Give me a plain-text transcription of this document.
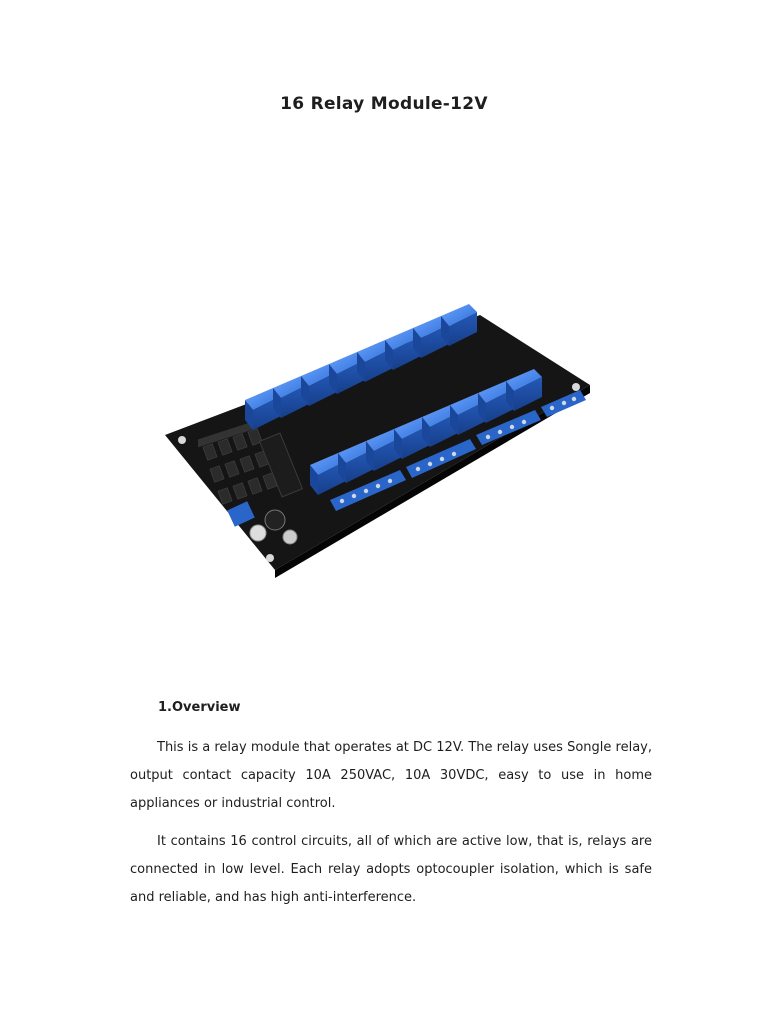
16 Relay Module-12V
1.Overview

This is a relay module that operates at DC 12V. The relay uses Songle relay, output contact capacity 10A 250VAC, 10A 30VDC, easy to use in home appliances or industrial control.

It contains 16 control circuits, all of which are active low, that is, relays are connected in low level. Each relay adopts optocoupler isolation, which is safe and reliable, and has high anti-interference.
